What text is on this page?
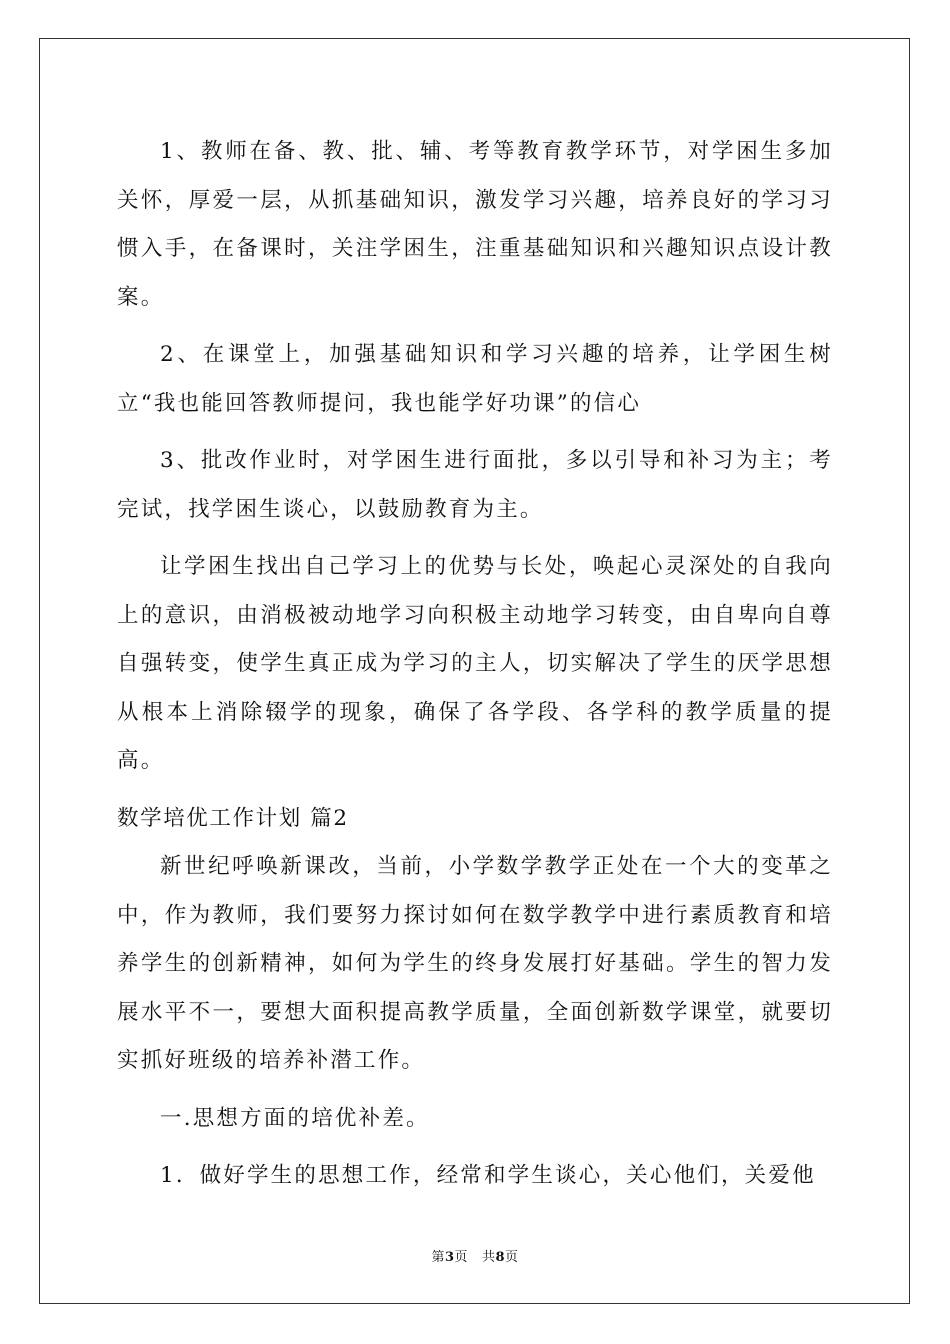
1、教师在备、教、批、辅、考等教育教学环节，对学困生多加关怀，厚爱一层，从抓基础知识，激发学习兴趣，培养良好的学习习惯入手，在备课时，关注学困生，注重基础知识和兴趣知识点设计教案。

2、在课堂上，加强基础知识和学习兴趣的培养，让学困生树立“我也能回答教师提问，我也能学好功课”的信心

3、批改作业时，对学困生进行面批，多以引导和补习为主；考完试，找学困生谈心，以鼓励教育为主。

让学困生找出自己学习上的优势与长处，唤起心灵深处的自我向上的意识，由消极被动地学习向积极主动地学习转变，由自卑向自尊自强转变，使学生真正成为学习的主人，切实解决了学生的厌学思想 从根本上消除辍学的现象，确保了各学段、各学科的教学质量的提高。

数学培优工作计划 篇2

新世纪呼唤新课改，当前，小学数学教学正处在一个大的变革之中，作为教师，我们要努力探讨如何在数学教学中进行素质教育和培养学生的创新精神，如何为学生的终身发展打好基础。学生的智力发展水平不一，要想大面积提高教学质量，全面创新数学课堂，就要切实抓好班级的培养补潜工作。

一.思想方面的培优补差。

1．做好学生的思想工作，经常和学生谈心，关心他们，关爱他

第3页 共8页
